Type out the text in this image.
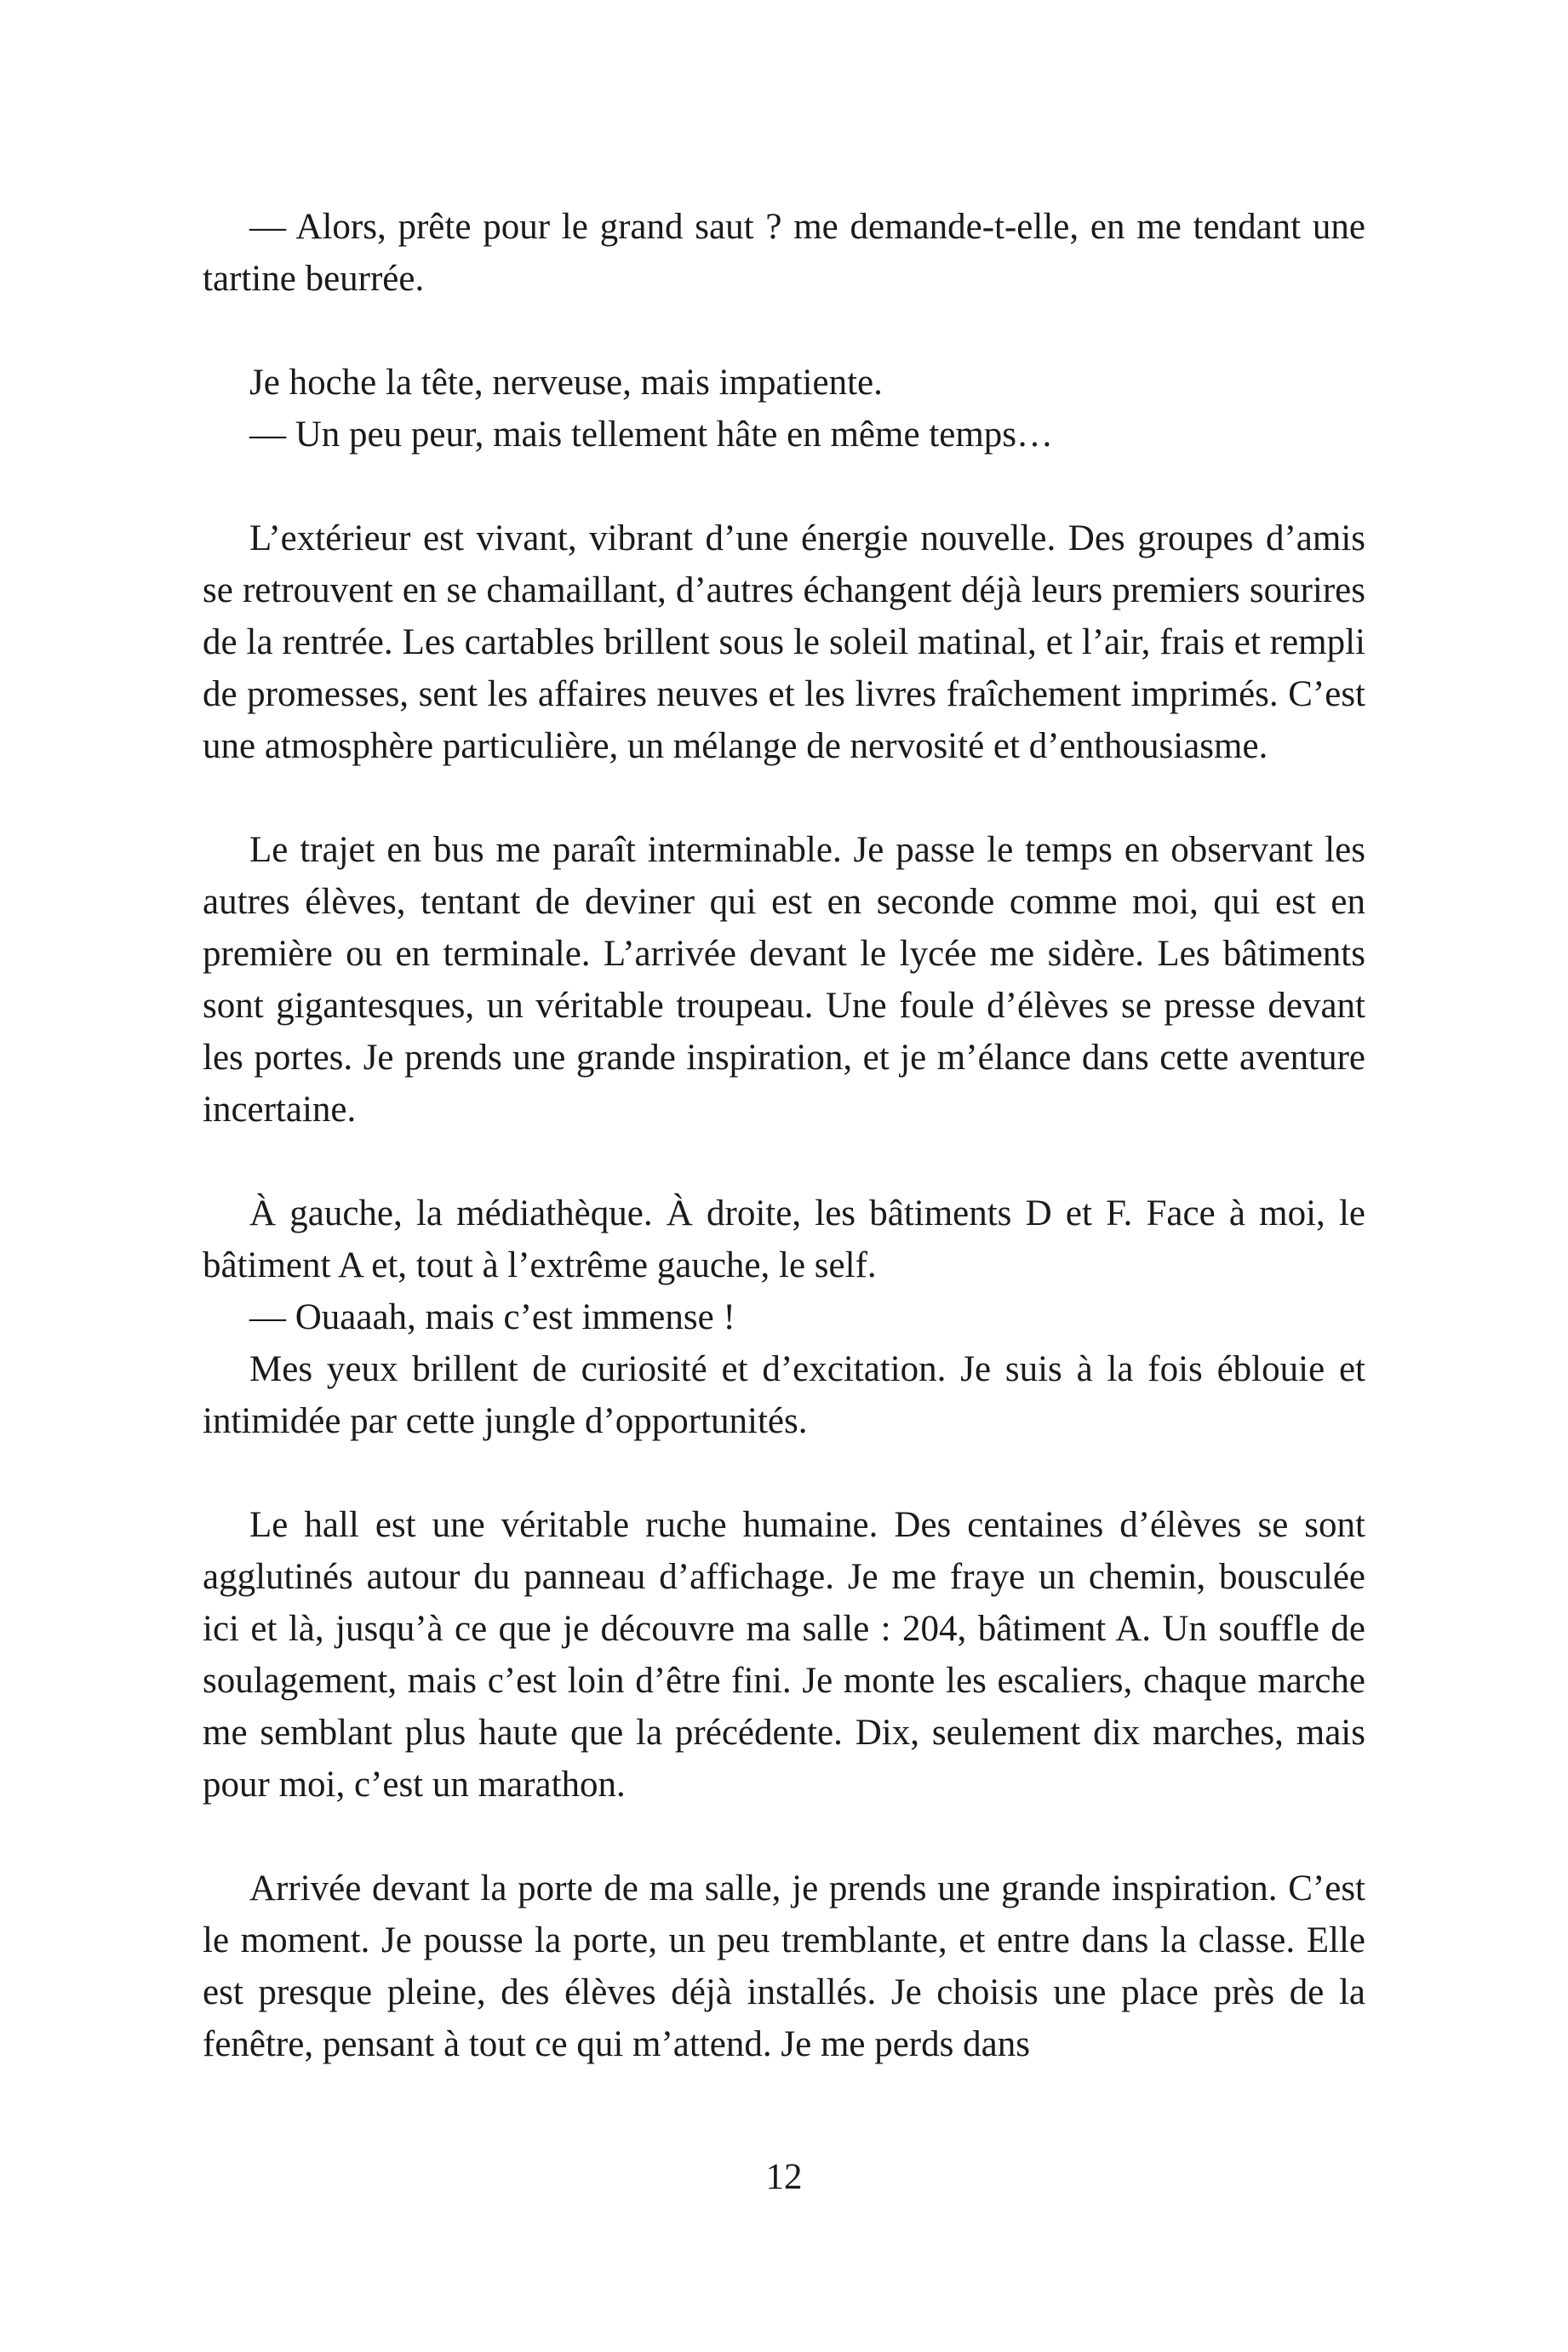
— Alors, prête pour le grand saut ? me demande-t-elle, en me tendant une tartine beurrée.

Je hoche la tête, nerveuse, mais impatiente.
— Un peu peur, mais tellement hâte en même temps…

L’extérieur est vivant, vibrant d’une énergie nouvelle. Des groupes d’amis se retrouvent en se chamaillant, d’autres échangent déjà leurs premiers sourires de la rentrée. Les cartables brillent sous le soleil matinal, et l’air, frais et rempli de promesses, sent les affaires neuves et les livres fraîchement imprimés. C’est une atmosphère particulière, un mélange de nervosité et d’enthousiasme.

Le trajet en bus me paraît interminable. Je passe le temps en observant les autres élèves, tentant de deviner qui est en seconde comme moi, qui est en première ou en terminale. L’arrivée devant le lycée me sidère. Les bâtiments sont gigantesques, un véritable troupeau. Une foule d’élèves se presse devant les portes. Je prends une grande inspiration, et je m’élance dans cette aventure incertaine.

À gauche, la médiathèque. À droite, les bâtiments D et F. Face à moi, le bâtiment A et, tout à l’extrême gauche, le self.
— Ouaaah, mais c’est immense !
Mes yeux brillent de curiosité et d’excitation. Je suis à la fois éblouie et intimidée par cette jungle d’opportunités.

Le hall est une véritable ruche humaine. Des centaines d’élèves se sont agglutinés autour du panneau d’affichage. Je me fraye un chemin, bousculée ici et là, jusqu’à ce que je découvre ma salle : 204, bâtiment A. Un souffle de soulagement, mais c’est loin d’être fini. Je monte les escaliers, chaque marche me semblant plus haute que la précédente. Dix, seulement dix marches, mais pour moi, c’est un marathon.

Arrivée devant la porte de ma salle, je prends une grande inspiration. C’est le moment. Je pousse la porte, un peu tremblante, et entre dans la classe. Elle est presque pleine, des élèves déjà installés. Je choisis une place près de la fenêtre, pensant à tout ce qui m’attend. Je me perds dans

12
